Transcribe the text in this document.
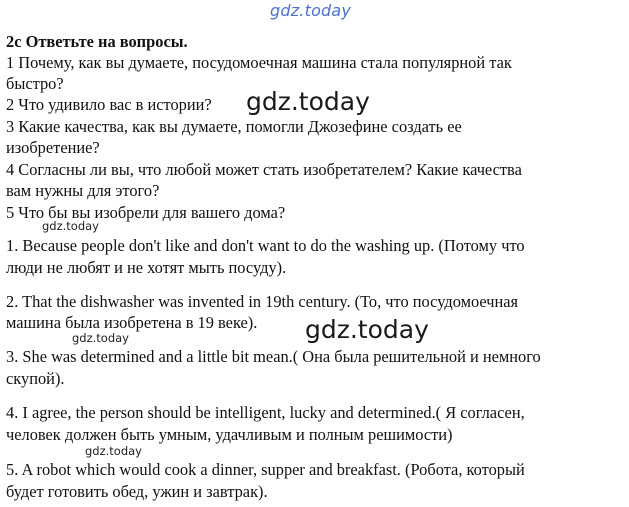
gdz.today
2c Ответьте на вопросы.
1 Почему, как вы думаете, посудомоечная машина стала популярной так
быстро?
2 Что удивило вас в истории?
3 Какие качества, как вы думаете, помогли Джозефине создать ее
изобретение?
4 Согласны ли вы, что любой может стать изобретателем? Какие качества
вам нужны для этого?
5 Что бы вы изобрели для вашего дома?
gdz.today
1. Because people don't like and don't want to do the washing up. (Потому что
люди не любят и не хотят мыть посуду).
2. That the dishwasher was invented in 19th century. (То, что посудомоечная
машина была изобретена в 19 веке).
gdz.today
3. She was determined and a little bit mean.( Она была решительной и немного
скупой).
4. I agree, the person should be intelligent, lucky and determined.( Я согласен,
человек должен быть умным, удачливым и полным решимости)
gdz.today
5. A robot which would cook a dinner, supper and breakfast. (Робота, который
будет готовить обед, ужин и завтрак).
gdz.today
gdz.today
